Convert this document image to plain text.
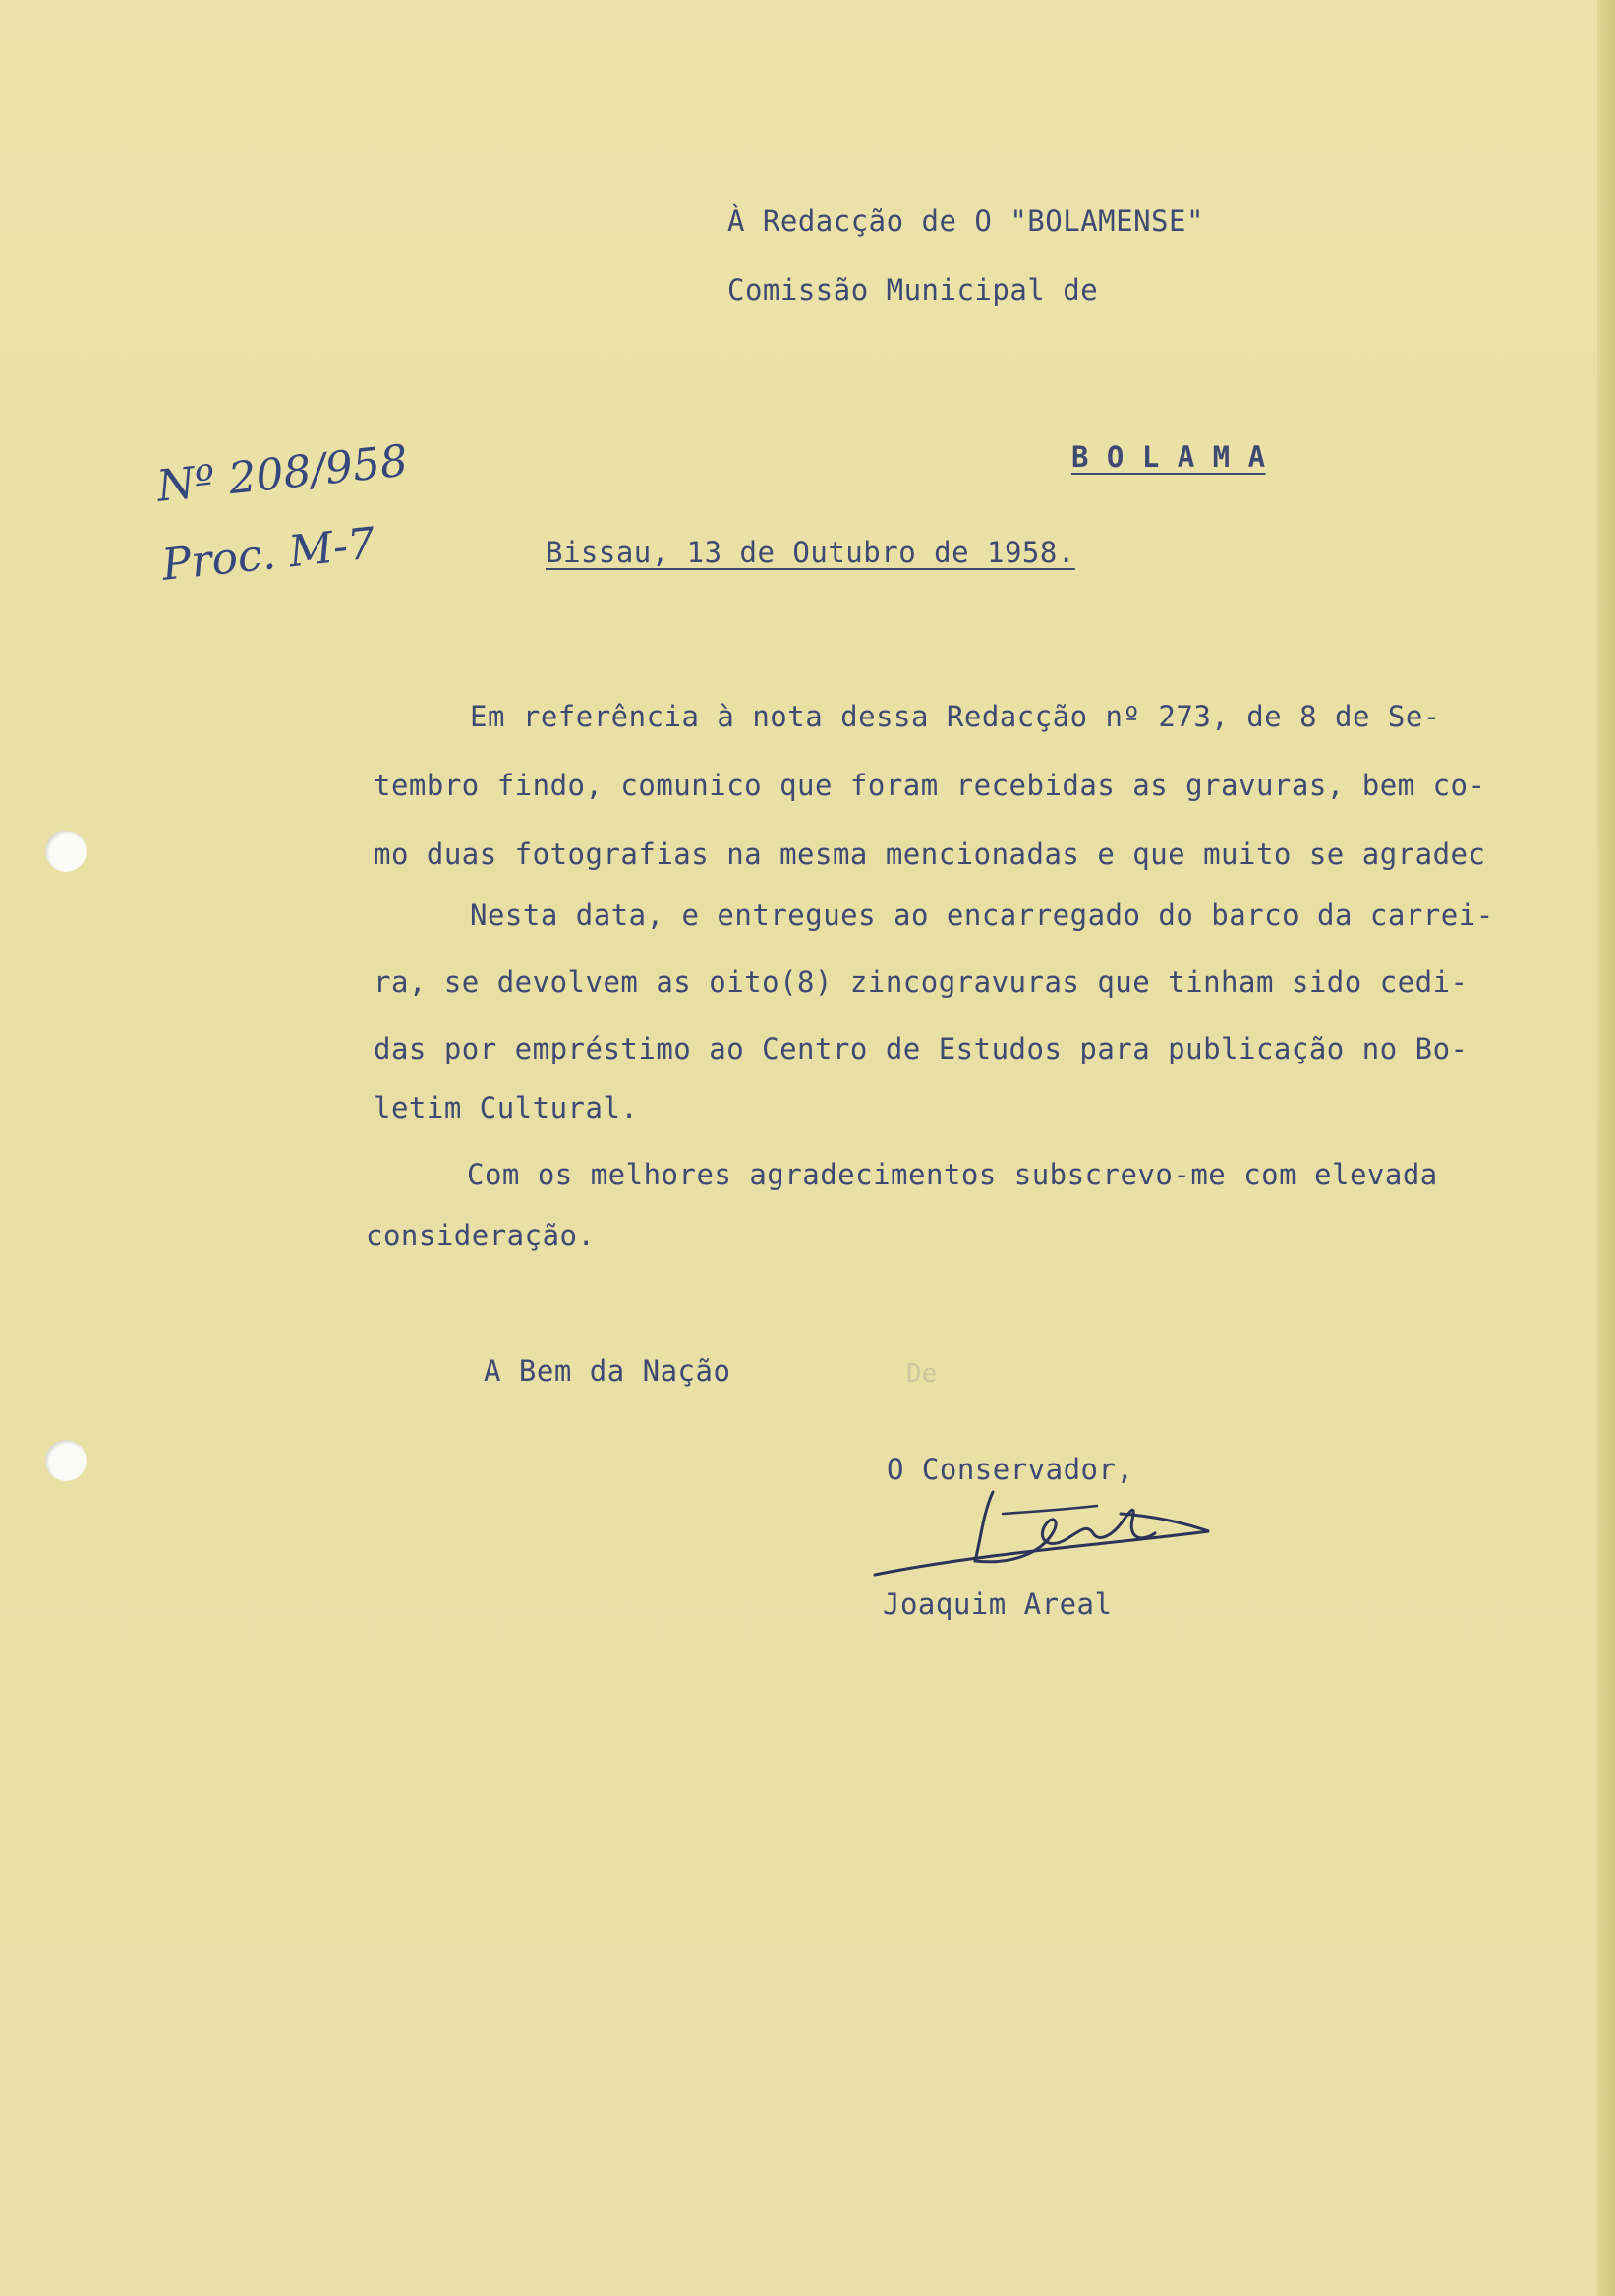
À Redacção de O "BOLAMENSE"
Comissão Municipal de
B O L A M A
Nº 208/958
Proc. M-7	Bissau, 13 de Outubro de 1958.
Em referência à nota dessa Redacção nº 273, de 8 de Se-
tembro findo, comunico que foram recebidas as gravuras, bem co-
mo duas fotografias na mesma mencionadas e que muito se agradec
Nesta data, e entregues ao encarregado do barco da carrei-
ra, se devolvem as oito(8) zincogravuras que tinham sido cedi-
das por empréstimo ao Centro de Estudos para publicação no Bo-
letim Cultural.
Com os melhores agradecimentos subscrevo-me com elevada
consideração.
A Bem da Nação	De
O Conservador,
Joaquim Areal
